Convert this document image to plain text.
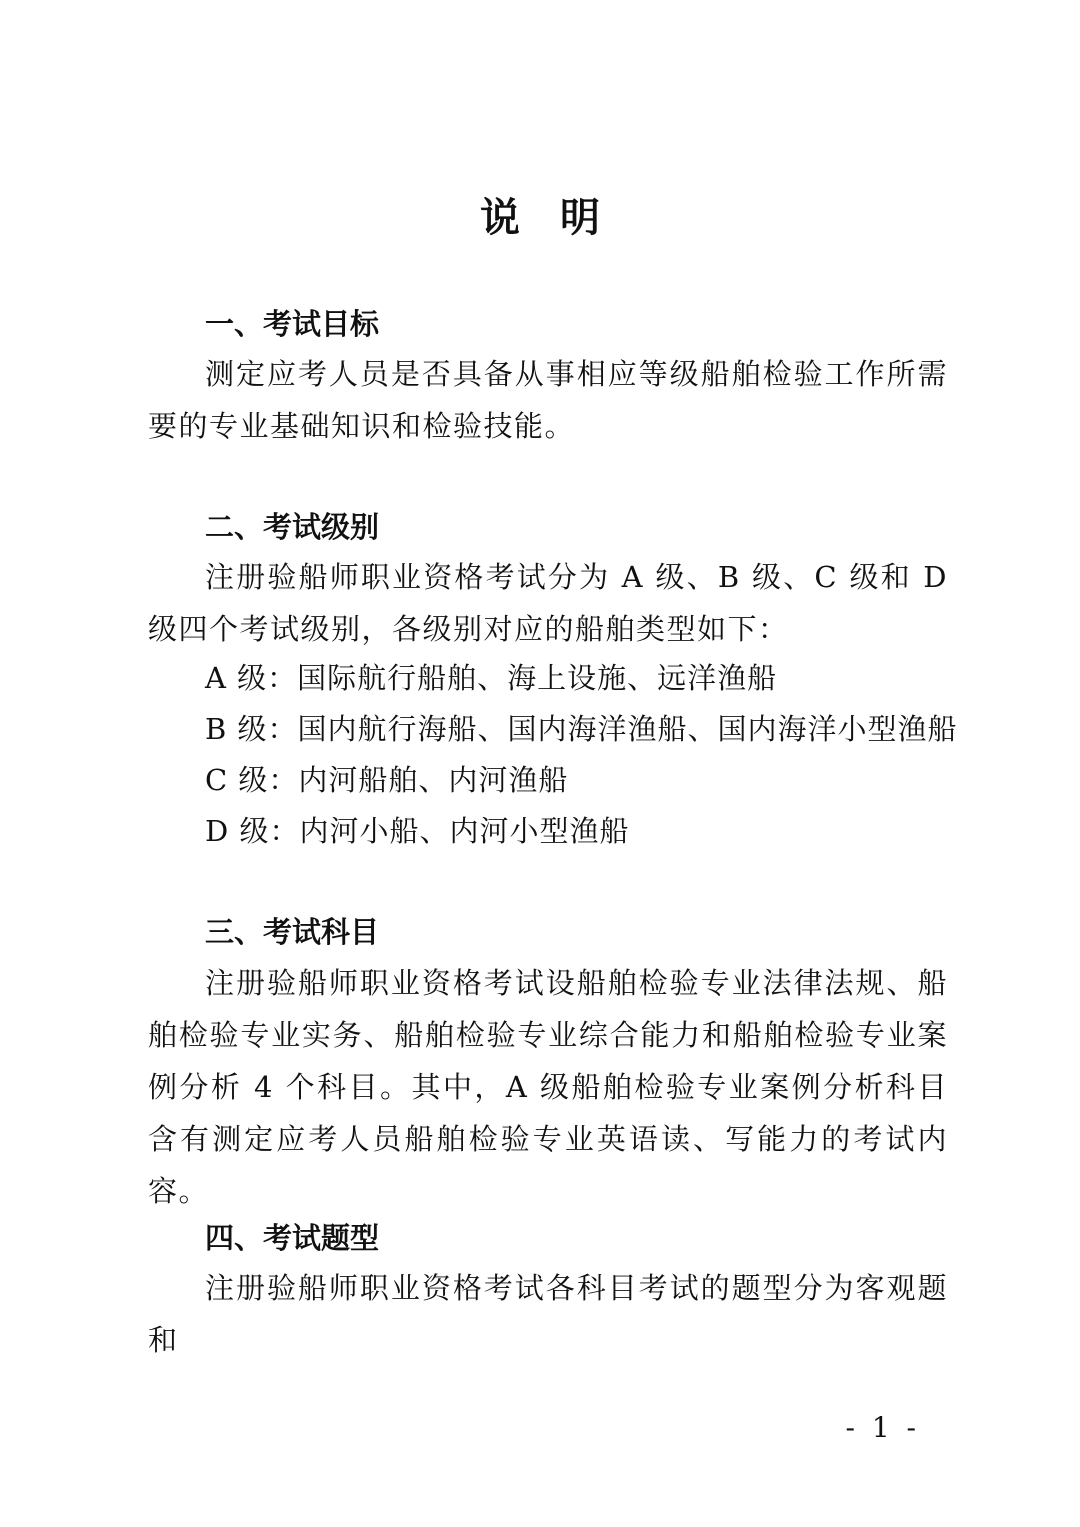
说　明
一、考试目标
测定应考人员是否具备从事相应等级船舶检验工作所需要的专业基础知识和检验技能。
二、考试级别
注册验船师职业资格考试分为 A 级、B 级、C 级和 D 级四个考试级别，各级别对应的船舶类型如下：
A 级：国际航行船舶、海上设施、远洋渔船
B 级：国内航行海船、国内海洋渔船、国内海洋小型渔船
C 级：内河船舶、内河渔船
D 级：内河小船、内河小型渔船
三、考试科目
注册验船师职业资格考试设船舶检验专业法律法规、船舶检验专业实务、船舶检验专业综合能力和船舶检验专业案例分析 4 个科目。其中，A 级船舶检验专业案例分析科目含有测定应考人员船舶检验专业英语读、写能力的考试内容。
四、考试题型
注册验船师职业资格考试各科目考试的题型分为客观题和
- 1 -
